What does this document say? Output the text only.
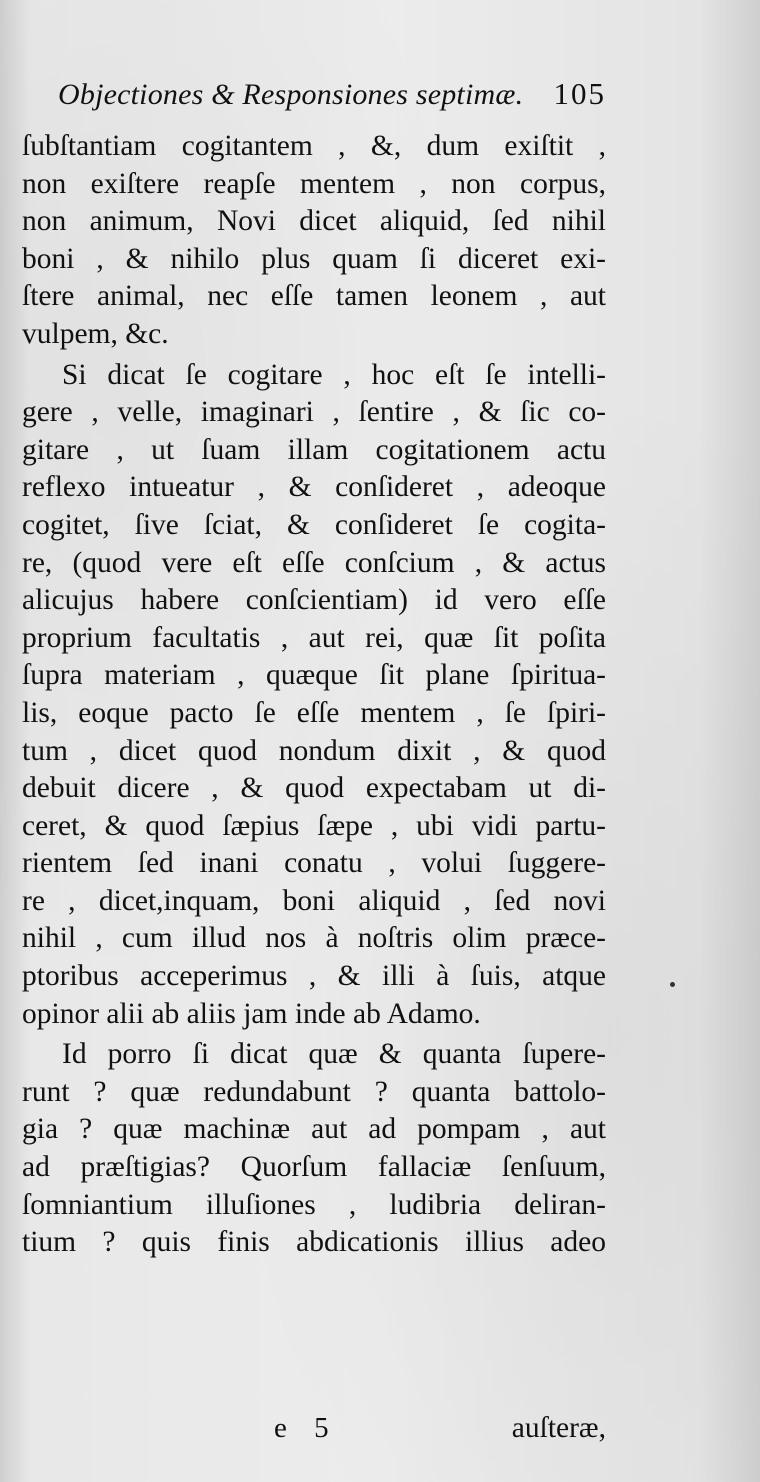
Objectiones & Responsiones septimæ. 105
ſubſtantiam cogitantem , &, dum exiſtit ,
non exiſtere reapſe mentem , non corpus,
non animum, Novi dicet aliquid, ſed nihil
boni , & nihilo plus quam ſi diceret exi-
ſtere animal, nec eſſe tamen leonem , aut
vulpem, &c.
Si dicat ſe cogitare , hoc eſt ſe intelli-
gere , velle, imaginari , ſentire , & ſic co-
gitare , ut ſuam illam cogitationem actu
reflexo intueatur , & conſideret , adeoque
cogitet, ſive ſciat, & conſideret ſe cogita-
re, (quod vere eſt eſſe conſcium , & actus
alicujus habere conſcientiam) id vero eſſe
proprium facultatis , aut rei, quæ ſit poſita
ſupra materiam , quæque ſit plane ſpiritua-
lis, eoque pacto ſe eſſe mentem , ſe ſpiri-
tum , dicet quod nondum dixit , & quod
debuit dicere , & quod expectabam ut di-
ceret, & quod ſæpius ſæpe , ubi vidi partu-
rientem ſed inani conatu , volui ſuggere-
re , dicet,inquam, boni aliquid , ſed novi
nihil , cum illud nos à noſtris olim præce-
ptoribus acceperimus , & illi à ſuis, atque
opinor alii ab aliis jam inde ab Adamo.
Id porro ſi dicat quæ & quanta ſupere-
runt ? quæ redundabunt ? quanta battolo-
gia ? quæ machinæ aut ad pompam , aut
ad præſtigias? Quorſum fallaciæ ſenſuum,
ſomniantium illuſiones , ludibria deliran-
tium ? quis finis abdicationis illius adeo
e 5	auſteræ,
